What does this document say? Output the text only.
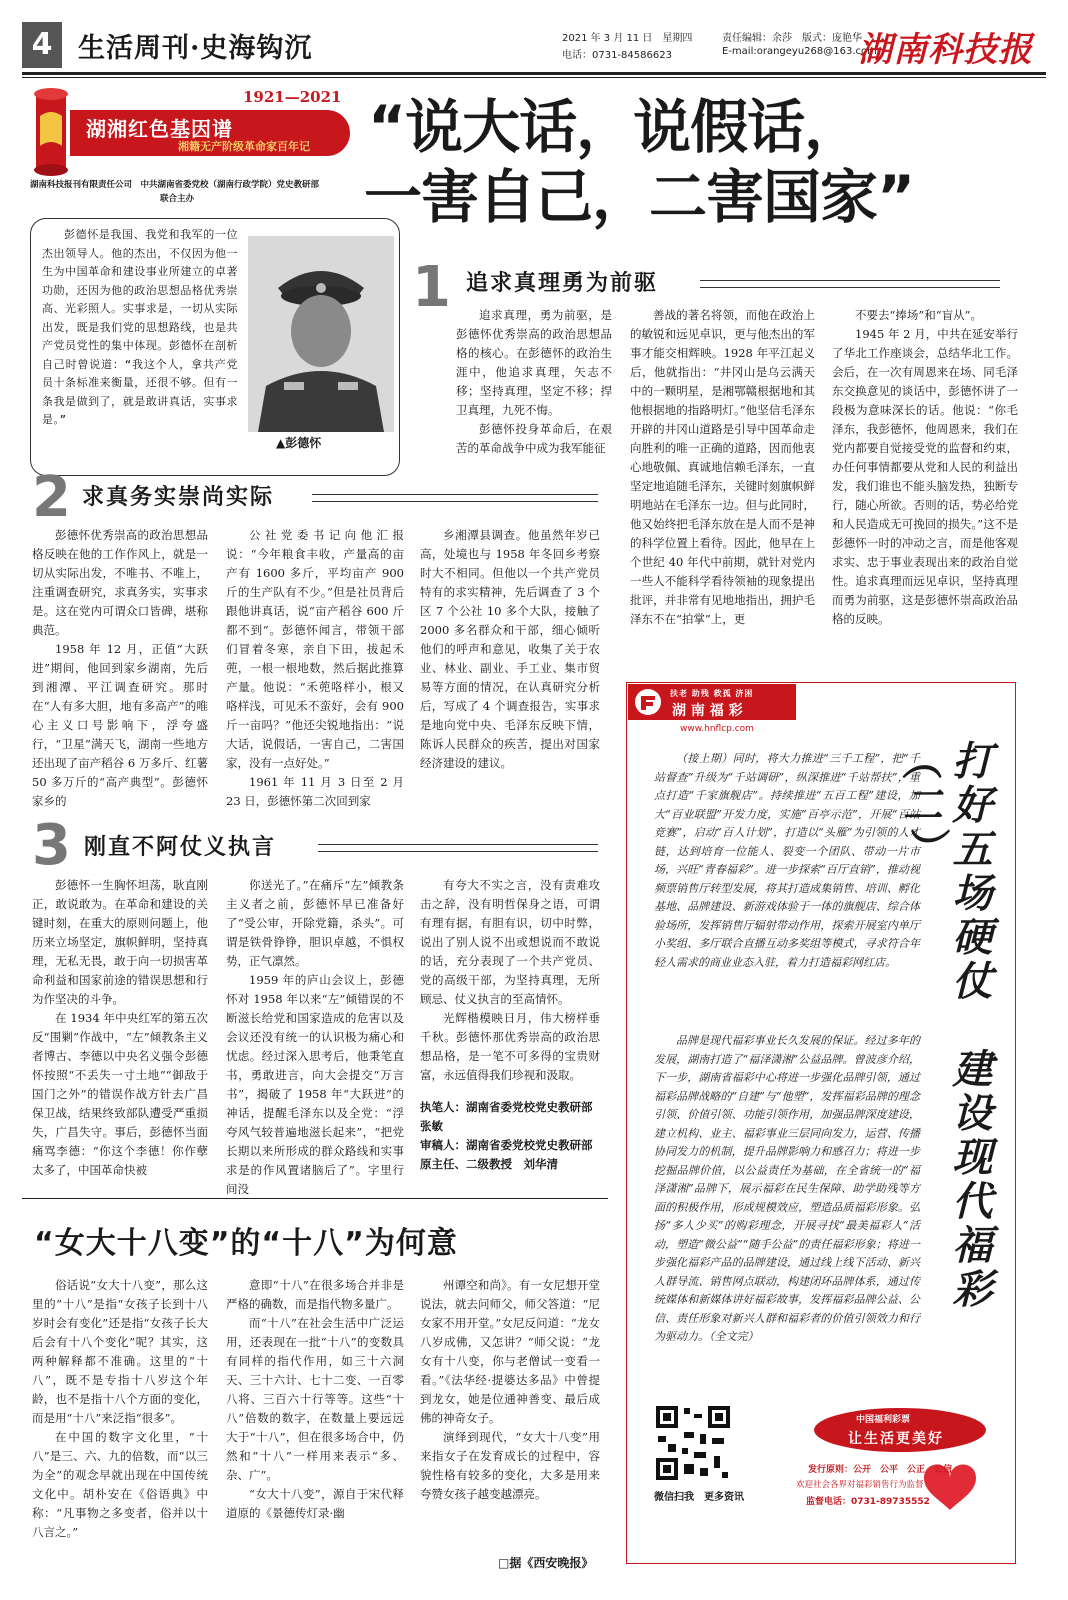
4 生活周刊·史海钩沉	2021 年 3 月 11 日　星期四
电话：0731-84586623
责任编辑：余莎　版式：庞艳华
E-mail:orangeyu268@163.com
湖南科技报
1921—2021
湖湘红色基因谱
湘籍无产阶级革命家百年记
湖南科技报刊有限责任公司　中共湖南省委党校（湖南行政学院）党史教研部
联合主办
“说大话，说假话，
一害自己，二害国家”
彭德怀是我国、我党和我军的一位杰出领导人。他的杰出，不仅因为他一生为中国革命和建设事业所建立的卓著功勋，还因为他的政治思想品格优秀崇高、光彩照人。实事求是，一切从实际出发，既是我们党的思想路线，也是共产党员党性的集中体现。彭德怀在剖析自己时曾说道：“我这个人，拿共产党员十条标准来衡量，还很不够。但有一条我是做到了，就是敢讲真话，实事求是。”
▲彭德怀
1 追求真理勇为前驱

追求真理，勇为前驱，是彭德怀优秀崇高的政治思想品格的核心。在彭德怀的政治生涯中，他追求真理，矢志不移；坚持真理，坚定不移；捍卫真理，九死不悔。

彭德怀投身革命后，在艰苦的革命战争中成为我军能征

善战的著名将领，而他在政治上的敏锐和远见卓识，更与他杰出的军事才能交相辉映。1928 年平江起义后，他就指出：“井冈山是乌云满天中的一颗明星，是湘鄂赣根据地和其他根据地的指路明灯。”他坚信毛泽东开辟的井冈山道路是引导中国革命走向胜利的唯一正确的道路，因而他衷心地敬佩、真诚地信赖毛泽东，一直坚定地追随毛泽东，关键时刻旗帜鲜明地站在毛泽东一边。但与此同时，他又始终把毛泽东放在是人而不是神的科学位置上看待。因此，他早在上个世纪 40 年代中前期，就针对党内一些人不能科学看待领袖的现象提出批评，并非常有见地地指出，拥护毛泽东不在“拍掌”上，更

不要去“捧场”和“盲从”。

1945 年 2 月，中共在延安举行了华北工作座谈会，总结华北工作。会后，在一次有周恩来在场、同毛泽东交换意见的谈话中，彭德怀讲了一段极为意味深长的话。他说：“你毛泽东，我彭德怀，他周恩来，我们在党内都要自觉接受党的监督和约束，办任何事情都要从党和人民的利益出发，我们谁也不能头脑发热，独断专行，随心所欲。否则的话，势必给党和人民造成无可挽回的损失。”这不是彭德怀一时的冲动之言，而是他客观求实、忠于事业表现出来的政治自觉性。追求真理而远见卓识，坚持真理而勇为前驱，这是彭德怀崇高政治品格的反映。

2 求真务实崇尚实际

彭德怀优秀崇高的政治思想品格反映在他的工作作风上，就是一切从实际出发，不唯书、不唯上，注重调查研究，求真务实，实事求是。这在党内可谓众口皆碑，堪称典范。

1958 年 12 月，正值“大跃进”期间，他回到家乡湖南，先后到湘潭、平江调查研究。那时在“人有多大胆，地有多高产”的唯心主义口号影响下，浮夸盛行，“卫星”满天飞，湖南一些地方还出现了亩产稻谷 6 万多斤、红薯 50 多万斤的“高产典型”。彭德怀家乡的

公社党委书记向他汇报说：“今年粮食丰收，产量高的亩产有 1600 多斤，平均亩产 900 斤的生产队有不少。”但是社员背后跟他讲真话，说“亩产稻谷 600 斤都不到”。彭德怀闻言，带领干部们冒着冬寒，亲自下田，拔起禾蔸，一根一根地数，然后据此推算产量。他说：“禾蔸咯样小，根又咯样浅，可见禾不蛮好，会有 900 斤一亩吗？”他还尖锐地指出：“说大话，说假话，一害自己，二害国家，没有一点好处。”

1961 年 11 月 3 日至 2 月 23 日，彭德怀第二次回到家

乡湘潭县调查。他虽然年岁已高，处境也与 1958 年冬回乡考察时大不相同。但他以一个共产党员特有的求实精神，先后调查了 3 个区 7 个公社 10 多个大队，接触了 2000 多名群众和干部，细心倾听他们的呼声和意见，收集了关于农业、林业、副业、手工业、集市贸易等方面的情况，在认真研究分析后，写成了 4 个调查报告，实事求是地向党中央、毛泽东反映下情，陈诉人民群众的疾苦，提出对国家经济建设的建议。

3 刚直不阿仗义执言

彭德怀一生胸怀坦荡，耿直刚正，敢说敢为。在革命和建设的关键时刻，在重大的原则问题上，他历来立场坚定，旗帜鲜明，坚持真理，无私无畏，敢于向一切损害革命利益和国家前途的错误思想和行为作坚决的斗争。

在 1934 年中央红军的第五次反“围剿”作战中，“左”倾教条主义者博古、李德以中央名义强令彭德怀按照“不丢失一寸土地”“御敌于国门之外”的错误作战方针去广昌保卫战，结果终致部队遭受严重损失，广昌失守。事后，彭德怀当面痛骂李德：“你这个李德！你作孽太多了，中国革命快被

你送光了。”在痛斥“左”倾教条主义者之前，彭德怀早已准备好了“受公审，开除党籍，杀头”。可谓是铁骨铮铮，胆识卓越，不惧权势，正气凛然。

1959 年的庐山会议上，彭德怀对 1958 年以来“左”倾错误的不断滋长给党和国家造成的危害以及会议还没有统一的认识极为痛心和忧虑。经过深入思考后，他秉笔直书，勇敢进言，向大会提交“万言书”，揭破了 1958 年“大跃进”的神话，提醒毛泽东以及全党：“浮夸风气较普遍地滋长起来”，“把党长期以来所形成的群众路线和实事求是的作风置诸脑后了”。字里行间没

有夸大不实之言，没有责难攻击之辞，没有明哲保身之语，可谓有理有据，有胆有识，切中时弊，说出了别人说不出或想说而不敢说的话，充分表现了一个共产党员、党的高级干部，为坚持真理，无所顾忌、仗义执言的至高情怀。

光辉楷模映日月，伟大榜样垂千秋。彭德怀那优秀崇高的政治思想品格，是一笔不可多得的宝贵财富，永远值得我们珍视和汲取。

执笔人：湖南省委党校党史教研部　张敏
审稿人：湖南省委党校党史教研部原主任、二级教授　刘华清
“女大十八变”的“十八”为何意

俗话说“女大十八变”，那么这里的“十八”是指“女孩子长到十八岁时会有变化”还是指“女孩子长大后会有十八个变化”呢？其实，这两种解释都不准确。这里的“十八”，既不是专指十八岁这个年龄，也不是指十八个方面的变化，而是用“十八”来泛指“很多”。

在中国的数字文化里，“十八”是三、六、九的倍数，而“以三为全”的观念早就出现在中国传统文化中。胡朴安在《俗语典》中称：“凡事物之多变者，俗并以十八言之。”

意即“十八”在很多场合并非是严格的确数，而是指代物多量广。

而“十八”在社会生活中广泛运用，还表现在一批“十八”的变数具有同样的指代作用，如三十六洞天、三十六计、七十二变、一百零八将、三百六十行等等。这些“十八”倍数的数字，在数量上要远远大于“十八”，但在很多场合中，仍然和“十八”一样用来表示“多、杂、广”。

“女大十八变”，源自于宋代释道原的《景德传灯录·幽

州谭空和尚》。有一女尼想开堂说法，就去问师父，师父答道：“尼女家不用开堂。”女尼反问道：“龙女八岁成佛，又怎讲？”师父说：“龙女有十八变，你与老僧试一变看一看。”《法华经·提婆达多品》中曾提到龙女，她是位通神善变、最后成佛的神奇女子。

演绎到现代，“女大十八变”用来指女子在发育成长的过程中，容貌性格有较多的变化，大多是用来夸赞女孩子越变越漂亮。

□据《西安晚报》
扶老 助残 救孤 济困
湖 南 福 彩
www.hnflcp.com
（接上期）同时，将大力推进“三千工程”，把“千站督查”升级为“千站调研”，纵深推进“千站帮扶”，重点打造“千家旗舰店”。持续推进“五百工程”建设，加大“百业联盟”开发力度，实施“百亭示范”，开展“百站竞赛”，启动“百人计划”，打造以“头雁”为引领的人才链，达到培育一位能人、裂变一个团队、带动一片市场，兴旺“青春福彩”。进一步探索“百厅直销”，推动视频票销售厅转型发展，将其打造成集销售、培训、孵化基地、品牌建设、新游戏体验于一体的旗舰店、综合体验场所，发挥销售厅辐射带动作用，探索开展室内单厅小奖组、多厅联合直播互动多奖组等模式，寻求符合年轻人需求的商业业态入驻，着力打造福彩网红店。
品牌是现代福彩事业长久发展的保证。经过多年的发展，湖南打造了“福泽潇湘”公益品牌。曾波彦介绍，下一步，湖南省福彩中心将进一步强化品牌引领，通过福彩品牌战略的“自建”与“他塑”，发挥福彩品牌的理念引领、价值引领、功能引领作用，加强品牌深度建设，建立机构、业主、福彩事业三层同向发力，运营、传播协同发力的机制，提升品牌影响力和感召力；将进一步挖掘品牌价值，以公益责任为基础，在全省统一的“福泽潇湘”品牌下，展示福彩在民生保障、助学助残等方面的积极作用，形成规模效应，塑造品质福彩形象。弘扬“多人少买”的购彩理念，开展寻找“最美福彩人”活动，塑造“微公益”“随手公益”的责任福彩形象；将进一步强化福彩产品的品牌建设，通过线上线下活动、新兴人群导流、销售网点联动，构建闭环品牌体系，通过传统媒体和新媒体讲好福彩故事，发挥福彩品牌公益、公信、责任形象对新兴人群和福彩者的价值引领效力和行为驱动力。（全文完）
打好五场硬仗　建设现代福彩（二）
微信扫我　更多资讯
中国福利彩票
让生活更美好
发行原则：公开　公平　公正　公信
欢迎社会各界对福彩销售行为监督
监督电话：0731-89735552
